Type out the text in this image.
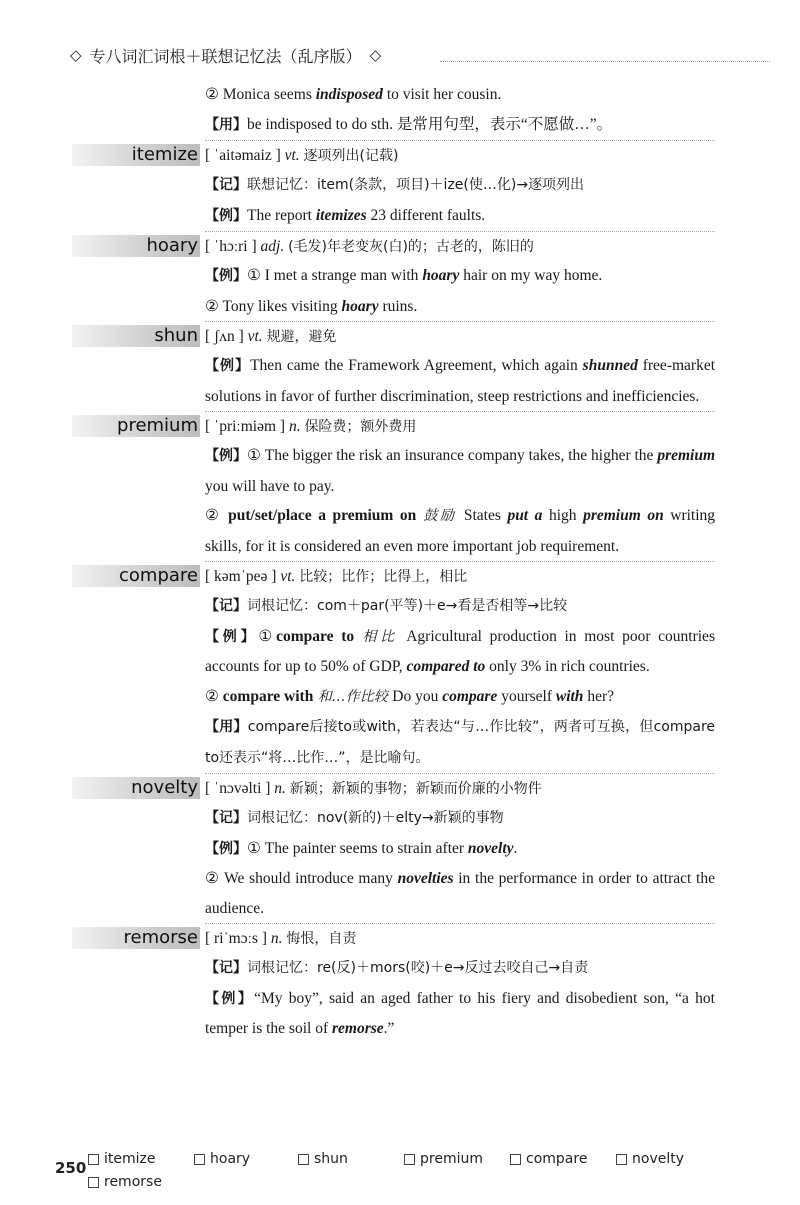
◇ 专八词汇词根＋联想记忆法（乱序版） ◇
② Monica seems indisposed to visit her cousin.
【用】be indisposed to do sth. 是常用句型，表示“不愿做…”。
itemize [ ˈaitəmaiz ] vt. 逐项列出(记载)
【记】联想记忆：item(条款，项目)＋ize(使…化)→逐项列出
【例】The report itemizes 23 different faults.
hoary [ ˈhɔːri ] adj. (毛发)年老变灰(白)的；古老的，陈旧的
【例】① I met a strange man with hoary hair on my way home.
② Tony likes visiting hoary ruins.
shun [ ʃʌn ] vt. 规避，避免
【例】Then came the Framework Agreement, which again shunned free-market solutions in favor of further discrimination, steep restrictions and inefficiencies.
premium [ ˈpriːmiəm ] n. 保险费；额外费用
【例】① The bigger the risk an insurance company takes, the higher the premium you will have to pay.
② put/set/place a premium on 鼓励 States put a high premium on writing skills, for it is considered an even more important job requirement.
compare [ kəmˈpeə ] vt. 比较；比作；比得上，相比
【记】词根记忆：com＋par(平等)＋e→看是否相等→比较
【例】①compare to 相比 Agricultural production in most poor countries accounts for up to 50% of GDP, compared to only 3% in rich countries.
② compare with 和…作比较 Do you compare yourself with her?
【用】compare后接to或with，若表达“与…作比较”，两者可互换，但compare to还表示“将…比作…”，是比喻句。
novelty [ ˈnɔvəlti ] n. 新颖；新颖的事物；新颖而价廉的小物件
【记】词根记忆：nov(新的)＋elty→新颖的事物
【例】① The painter seems to strain after novelty.
② We should introduce many novelties in the performance in order to attract the audience.
remorse [ riˈmɔːs ] n. 悔恨，自责
【记】词根记忆：re(反)＋mors(咬)＋e→反过去咬自己→自责
【例】“My boy”, said an aged father to his fiery and disobedient son, “a hot temper is the soil of remorse.”
250 itemize	hoary	shun	premium	compare	novelty
remorse
